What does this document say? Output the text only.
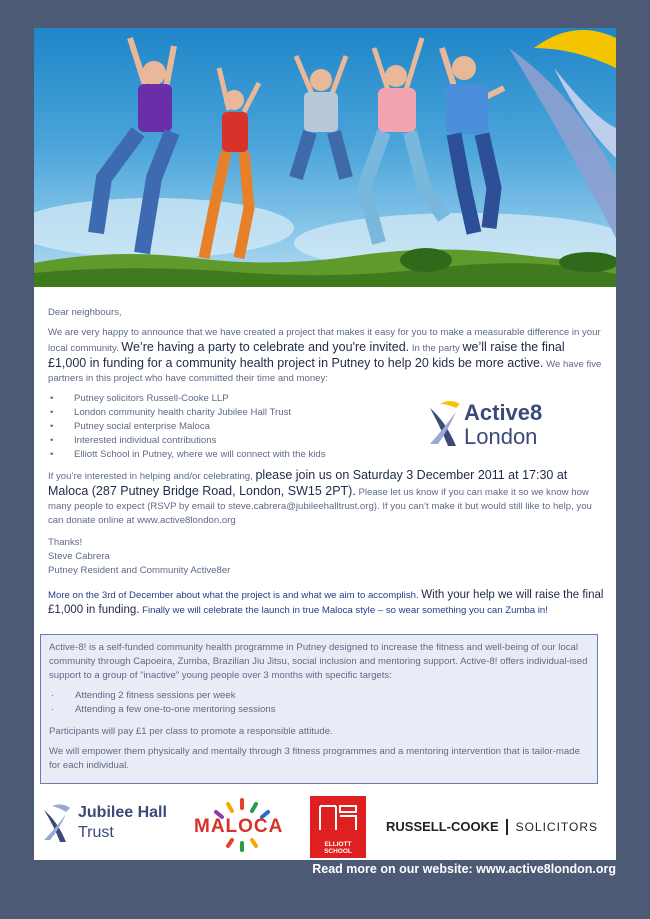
Dear neighbours,

We are very happy to announce that we have created a project that makes it easy for you to make a measurable difference in your local community. We’re having a party to celebrate and you're invited. In the party we’ll raise the final £1,000 in funding for a community health project in Putney to help 20 kids be more active. We have five partners in this project who have committed their time and money:

• Putney solicitors Russell-Cooke LLP
• London community health charity Jubilee Hall Trust
• Putney social enterprise Maloca
• Interested individual contributions
• Elliott School in Putney, where we will connect with the kids

If you’re interested in helping and/or celebrating, please join us on Saturday 3 December 2011 at 17:30 at Maloca (287 Putney Bridge Road, London, SW15 2PT). Please let us know if you can make it so we know how many people to expect (RSVP by email to steve.cabrera@jubileehalltrust.org). If you can’t make it but would still like to help, you can donate online at www.active8london.org

Thanks!
Steve Cabrera
Putney Resident and Community Active8er

More on the 3rd of December about what the project is and what we aim to accomplish. With your help we will raise the final £1,000 in funding. Finally we will celebrate the launch in true Maloca style – so wear something you can Zumba in!

Active8
London

Active-8! is a self-funded community health programme in Putney designed to increase the fitness and well-being of our local community through Capoeira, Zumba, Brazilian Jiu Jitsu, social inclusion and mentoring support. Active-8! offers individual-ised support to a group of “inactive” young people over 3 months with specific targets:

· Attending 2 fitness sessions per week
· Attending a few one-to-one mentoring sessions

Participants will pay £1 per class to promote a responsible attitude.

We will empower them physically and mentally through 3 fitness programmes and a mentoring intervention that is tailor-made for each individual.

Jubilee Hall
Trust	MALOCA
ELLIOTT SCHOOL
RUSSELL-COOKE SOLICITORS
Read more on our website: www.active8london.org
